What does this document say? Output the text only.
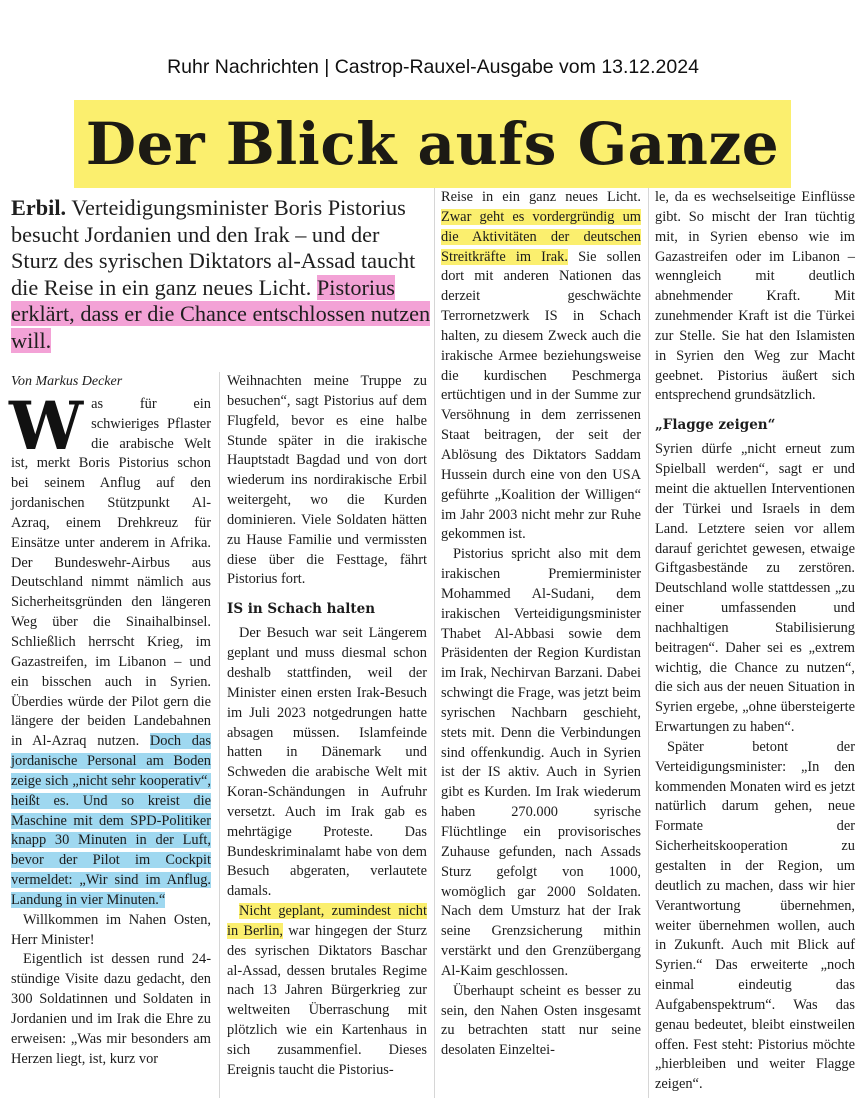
Ruhr Nachrichten | Castrop-Rauxel-Ausgabe vom 13.12.2024
Der Blick aufs Ganze

Erbil. Verteidigungsminister Boris Pistorius besucht Jordanien und den Irak – und der Sturz des syrischen Diktators al-Assad taucht die Reise in ein ganz neues Licht. Pistorius erklärt, dass er die Chance entschlossen nutzen will.

Von Markus Decker

Was für ein schwieriges Pflaster die arabische Welt ist, merkt Boris Pistorius schon bei seinem Anflug auf den jordanischen Stützpunkt Al-Azraq, einem Drehkreuz für Einsätze unter anderem in Afrika. Der Bundeswehr-Airbus aus Deutschland nimmt nämlich aus Sicherheitsgründen den längeren Weg über die Sinaihalbinsel. Schließlich herrscht Krieg, im Gazastreifen, im Libanon – und ein bisschen auch in Syrien. Überdies würde der Pilot gern die längere der beiden Landebahnen in Al-Azraq nutzen. Doch das jordanische Personal am Boden zeige sich „nicht sehr kooperativ“, heißt es. Und so kreist die Maschine mit dem SPD-Politiker knapp 30 Minuten in der Luft, bevor der Pilot im Cockpit vermeldet: „Wir sind im Anflug. Landung in vier Minuten.“

Willkommen im Nahen Osten, Herr Minister!

Eigentlich ist dessen rund 24-stündige Visite dazu gedacht, den 300 Soldatinnen und Soldaten in Jordanien und im Irak die Ehre zu erweisen: „Was mir besonders am Herzen liegt, ist, kurz vor

Weihnachten meine Truppe zu besuchen“, sagt Pistorius auf dem Flugfeld, bevor es eine halbe Stunde später in die irakische Hauptstadt Bagdad und von dort wiederum ins nordirakische Erbil weitergeht, wo die Kurden dominieren. Viele Soldaten hätten zu Hause Familie und vermissten diese über die Festtage, fährt Pistorius fort.

IS in Schach halten

Der Besuch war seit Längerem geplant und muss diesmal schon deshalb stattfinden, weil der Minister einen ersten Irak-Besuch im Juli 2023 notgedrungen hatte absagen müssen. Islamfeinde hatten in Dänemark und Schweden die arabische Welt mit Koran-Schändungen in Aufruhr versetzt. Auch im Irak gab es mehrtägige Proteste. Das Bundeskriminalamt habe von dem Besuch abgeraten, verlautete damals.

Nicht geplant, zumindest nicht in Berlin, war hingegen der Sturz des syrischen Diktators Baschar al-Assad, dessen brutales Regime nach 13 Jahren Bürgerkrieg zur weltweiten Überraschung mit plötzlich wie ein Kartenhaus in sich zusammenfiel. Dieses Ereignis taucht die Pistorius-

Reise in ein ganz neues Licht. Zwar geht es vordergründig um die Aktivitäten der deutschen Streitkräfte im Irak. Sie sollen dort mit anderen Nationen das derzeit geschwächte Terrornetzwerk IS in Schach halten, zu diesem Zweck auch die irakische Armee beziehungsweise die kurdischen Peschmerga ertüchtigen und in der Summe zur Versöhnung in dem zerrissenen Staat beitragen, der seit der Ablösung des Diktators Saddam Hussein durch eine von den USA geführte „Koalition der Willigen“ im Jahr 2003 nicht mehr zur Ruhe gekommen ist.

Pistorius spricht also mit dem irakischen Premierminister Mohammed Al-Sudani, dem irakischen Verteidigungsminister Thabet Al-Abbasi sowie dem Präsidenten der Region Kurdistan im Irak, Nechirvan Barzani. Dabei schwingt die Frage, was jetzt beim syrischen Nachbarn geschieht, stets mit. Denn die Verbindungen sind offenkundig. Auch in Syrien ist der IS aktiv. Auch in Syrien gibt es Kurden. Im Irak wiederum haben 270.000 syrische Flüchtlinge ein provisorisches Zuhause gefunden, nach Assads Sturz gefolgt von 1000, womöglich gar 2000 Soldaten. Nach dem Umsturz hat der Irak seine Grenzsicherung mithin verstärkt und den Grenzübergang Al-Kaim geschlossen.

Überhaupt scheint es besser zu sein, den Nahen Osten insgesamt zu betrachten statt nur seine desolaten Einzeltei-

le, da es wechselseitige Einflüsse gibt. So mischt der Iran tüchtig mit, in Syrien ebenso wie im Gazastreifen oder im Libanon – wenngleich mit deutlich abnehmender Kraft. Mit zunehmender Kraft ist die Türkei zur Stelle. Sie hat den Islamisten in Syrien den Weg zur Macht geebnet. Pistorius äußert sich entsprechend grundsätzlich.

„Flagge zeigen“

Syrien dürfe „nicht erneut zum Spielball werden“, sagt er und meint die aktuellen Interventionen der Türkei und Israels in dem Land. Letztere seien vor allem darauf gerichtet gewesen, etwaige Giftgasbestände zu zerstören. Deutschland wolle stattdessen „zu einer umfassenden und nachhaltigen Stabilisierung beitragen“. Daher sei es „extrem wichtig, die Chance zu nutzen“, die sich aus der neuen Situation in Syrien ergebe, „ohne übersteigerte Erwartungen zu haben“.

Später betont der Verteidigungsminister: „In den kommenden Monaten wird es jetzt natürlich darum gehen, neue Formate der Sicherheitskooperation zu gestalten in der Region, um deutlich zu machen, dass wir hier Verantwortung übernehmen, weiter übernehmen wollen, auch in Zukunft. Auch mit Blick auf Syrien.“ Das erweiterte „noch einmal eindeutig das Aufgabenspektrum“. Was das genau bedeutet, bleibt einstweilen offen. Fest steht: Pistorius möchte „hierbleiben und weiter Flagge zeigen“.
